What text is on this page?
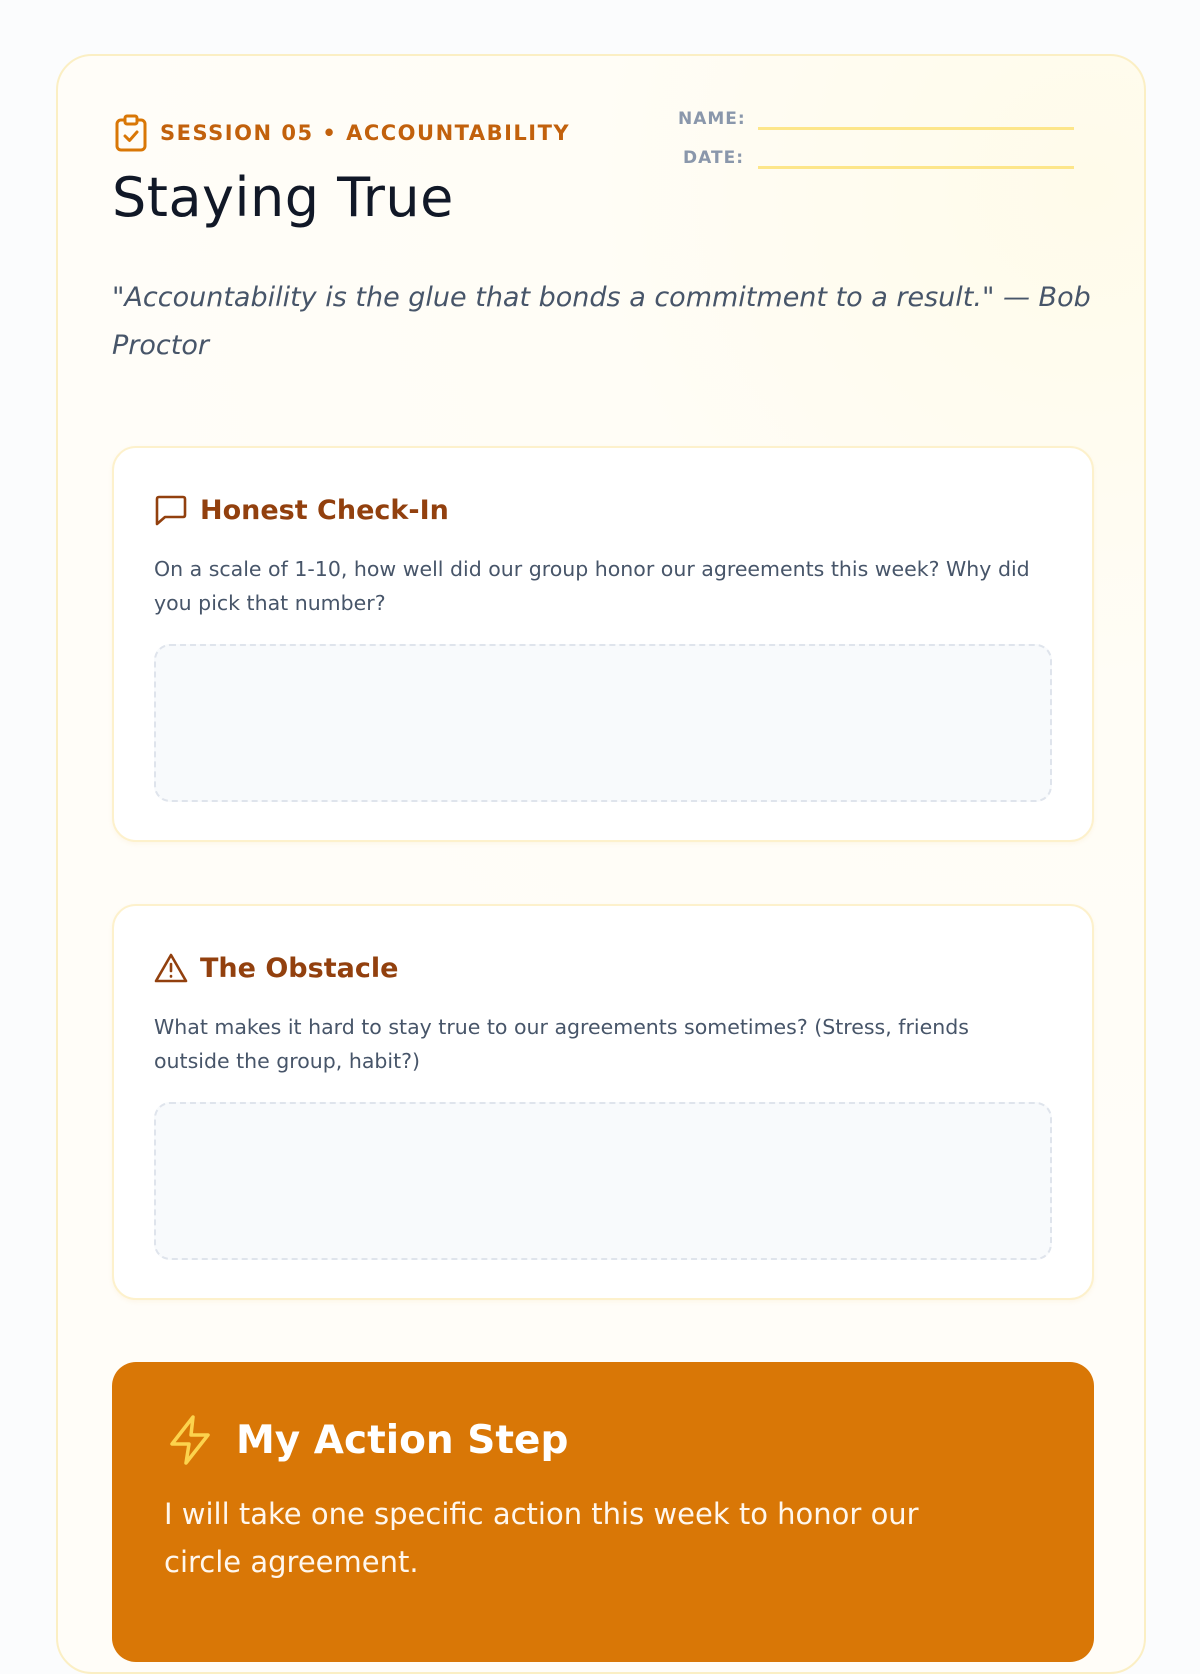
SESSION 05 • ACCOUNTABILITY
Staying True
NAME:
DATE:

"Accountability is the glue that bonds a commitment to a result." — Bob Proctor

Honest Check-In

On a scale of 1-10, how well did our group honor our agreements this week? Why did you pick that number?

The Obstacle

What makes it hard to stay true to our agreements sometimes? (Stress, friends outside the group, habit?)

My Action Step

I will take one specific action this week to honor our circle agreement.
